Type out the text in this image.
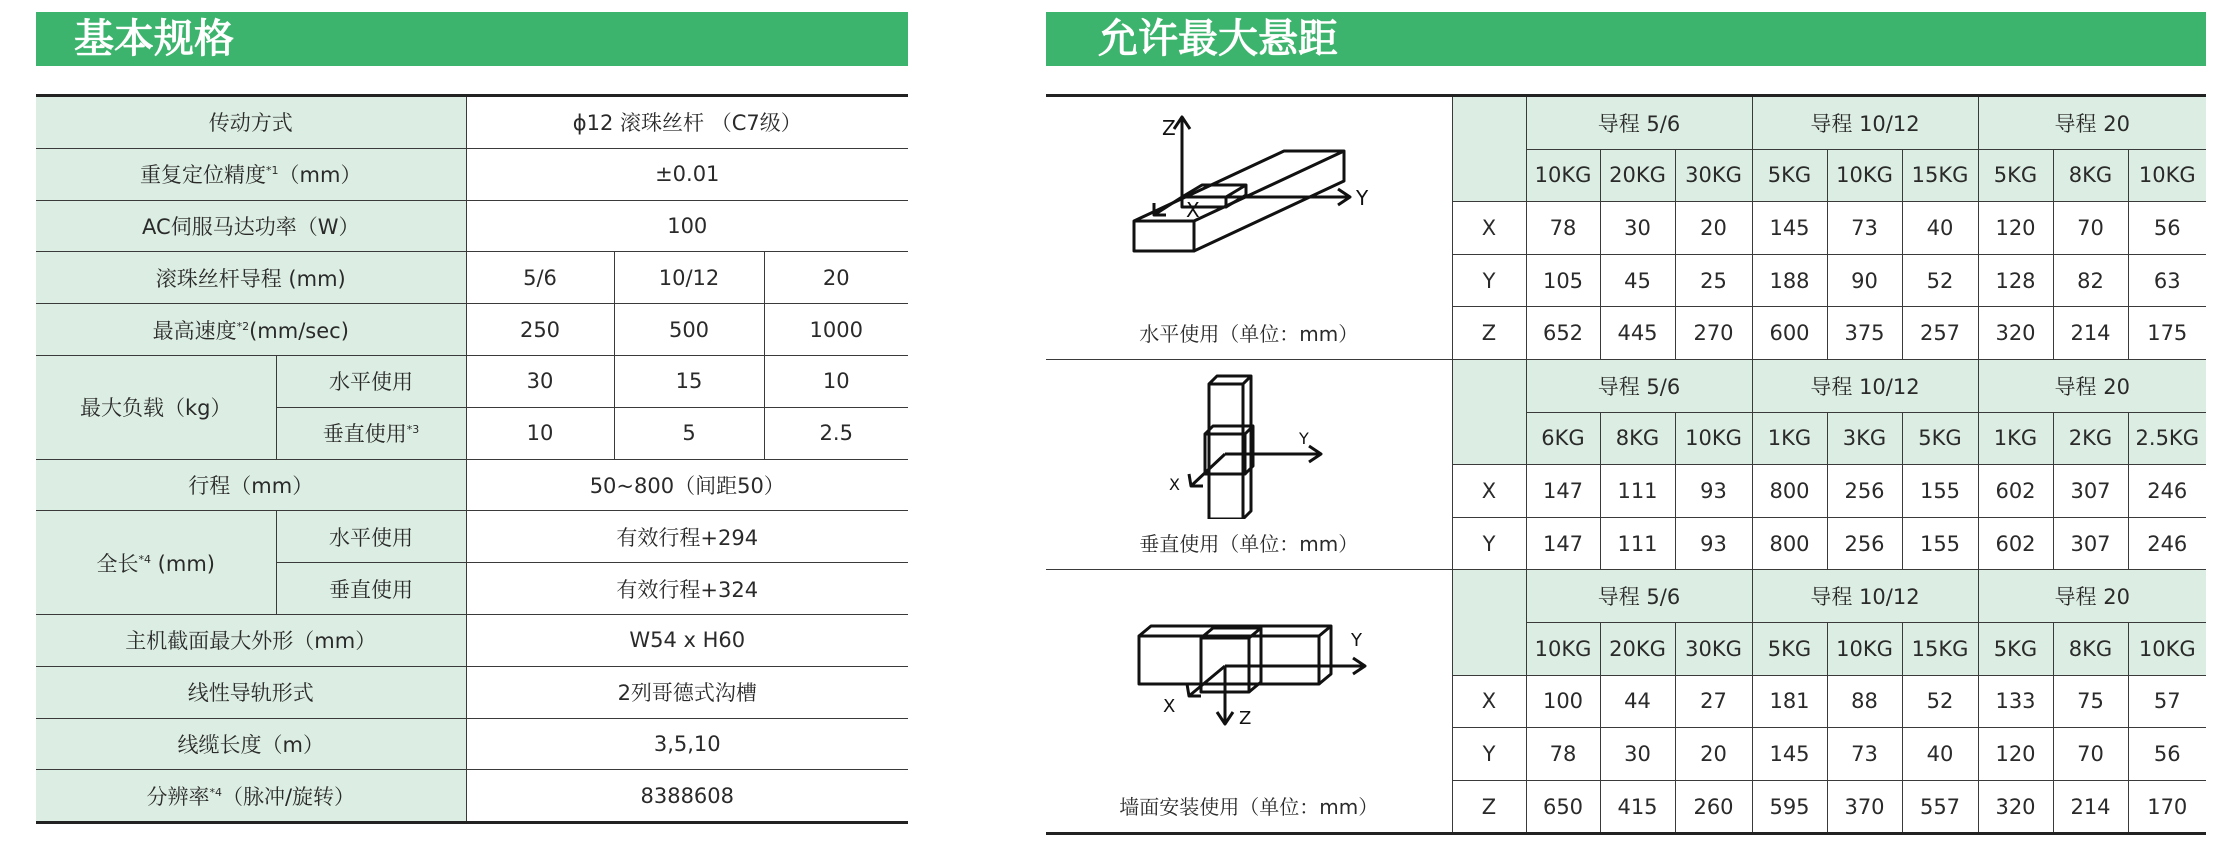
基本规格	允许最大悬距
传动方式		ϕ12 滚珠丝杆 （C7级）		
重复定位精度$^{*1}$（mm）		±0.01		
AC伺服马达功率（W）		100		
滚珠丝杆导程 (mm)		5/6	10/12	20
最高速度$^{*2}$(mm/sec)		250	500	1000
最大负载（kg）	水平使用	30	15	10
	垂直使用$^{*3}$	10	5	2.5
行程（mm）		50~800（间距50）		
全长$^{*4}$ (mm)	水平使用	有效行程+294		
	垂直使用	有效行程+324		
主机截面最大外形（mm）		W54 x H60		
线性导轨形式		2列哥德式沟槽		
线缆长度（m）		3,5,10		
分辨率$^{*4}$（脉冲/旋转）		8388608		
Z
X Y
水平使用（单位：mm）		导程 5/6			导程 10/12			导程 20		
		10KG	20KG	30KG	5KG	10KG	15KG	5KG	8KG	10KG
	X	78	30	20	145	73	40	120	70	56
	Y	105	45	25	188	90	52	128	82	63
	Z	652	445	270	600	375	257	320	214	175

Y
X
垂直使用（单位：mm）		导程 5/6			导程 10/12			导程 20		
		6KG	8KG	10KG	1KG	3KG	5KG	1KG	2KG	2.5KG
	X	147	111	93	800	256	155	602	307	246
	Y	147	111	93	800	256	155	602	307	246

Y
X
Z
墙面安装使用（单位：mm）		导程 5/6			导程 10/12			导程 20		
		10KG	20KG	30KG	5KG	10KG	15KG	5KG	8KG	10KG
	X	100	44	27	181	88	52	133	75	57
	Y	78	30	20	145	73	40	120	70	56
	Z	650	415	260	595	370	557	320	214	170
